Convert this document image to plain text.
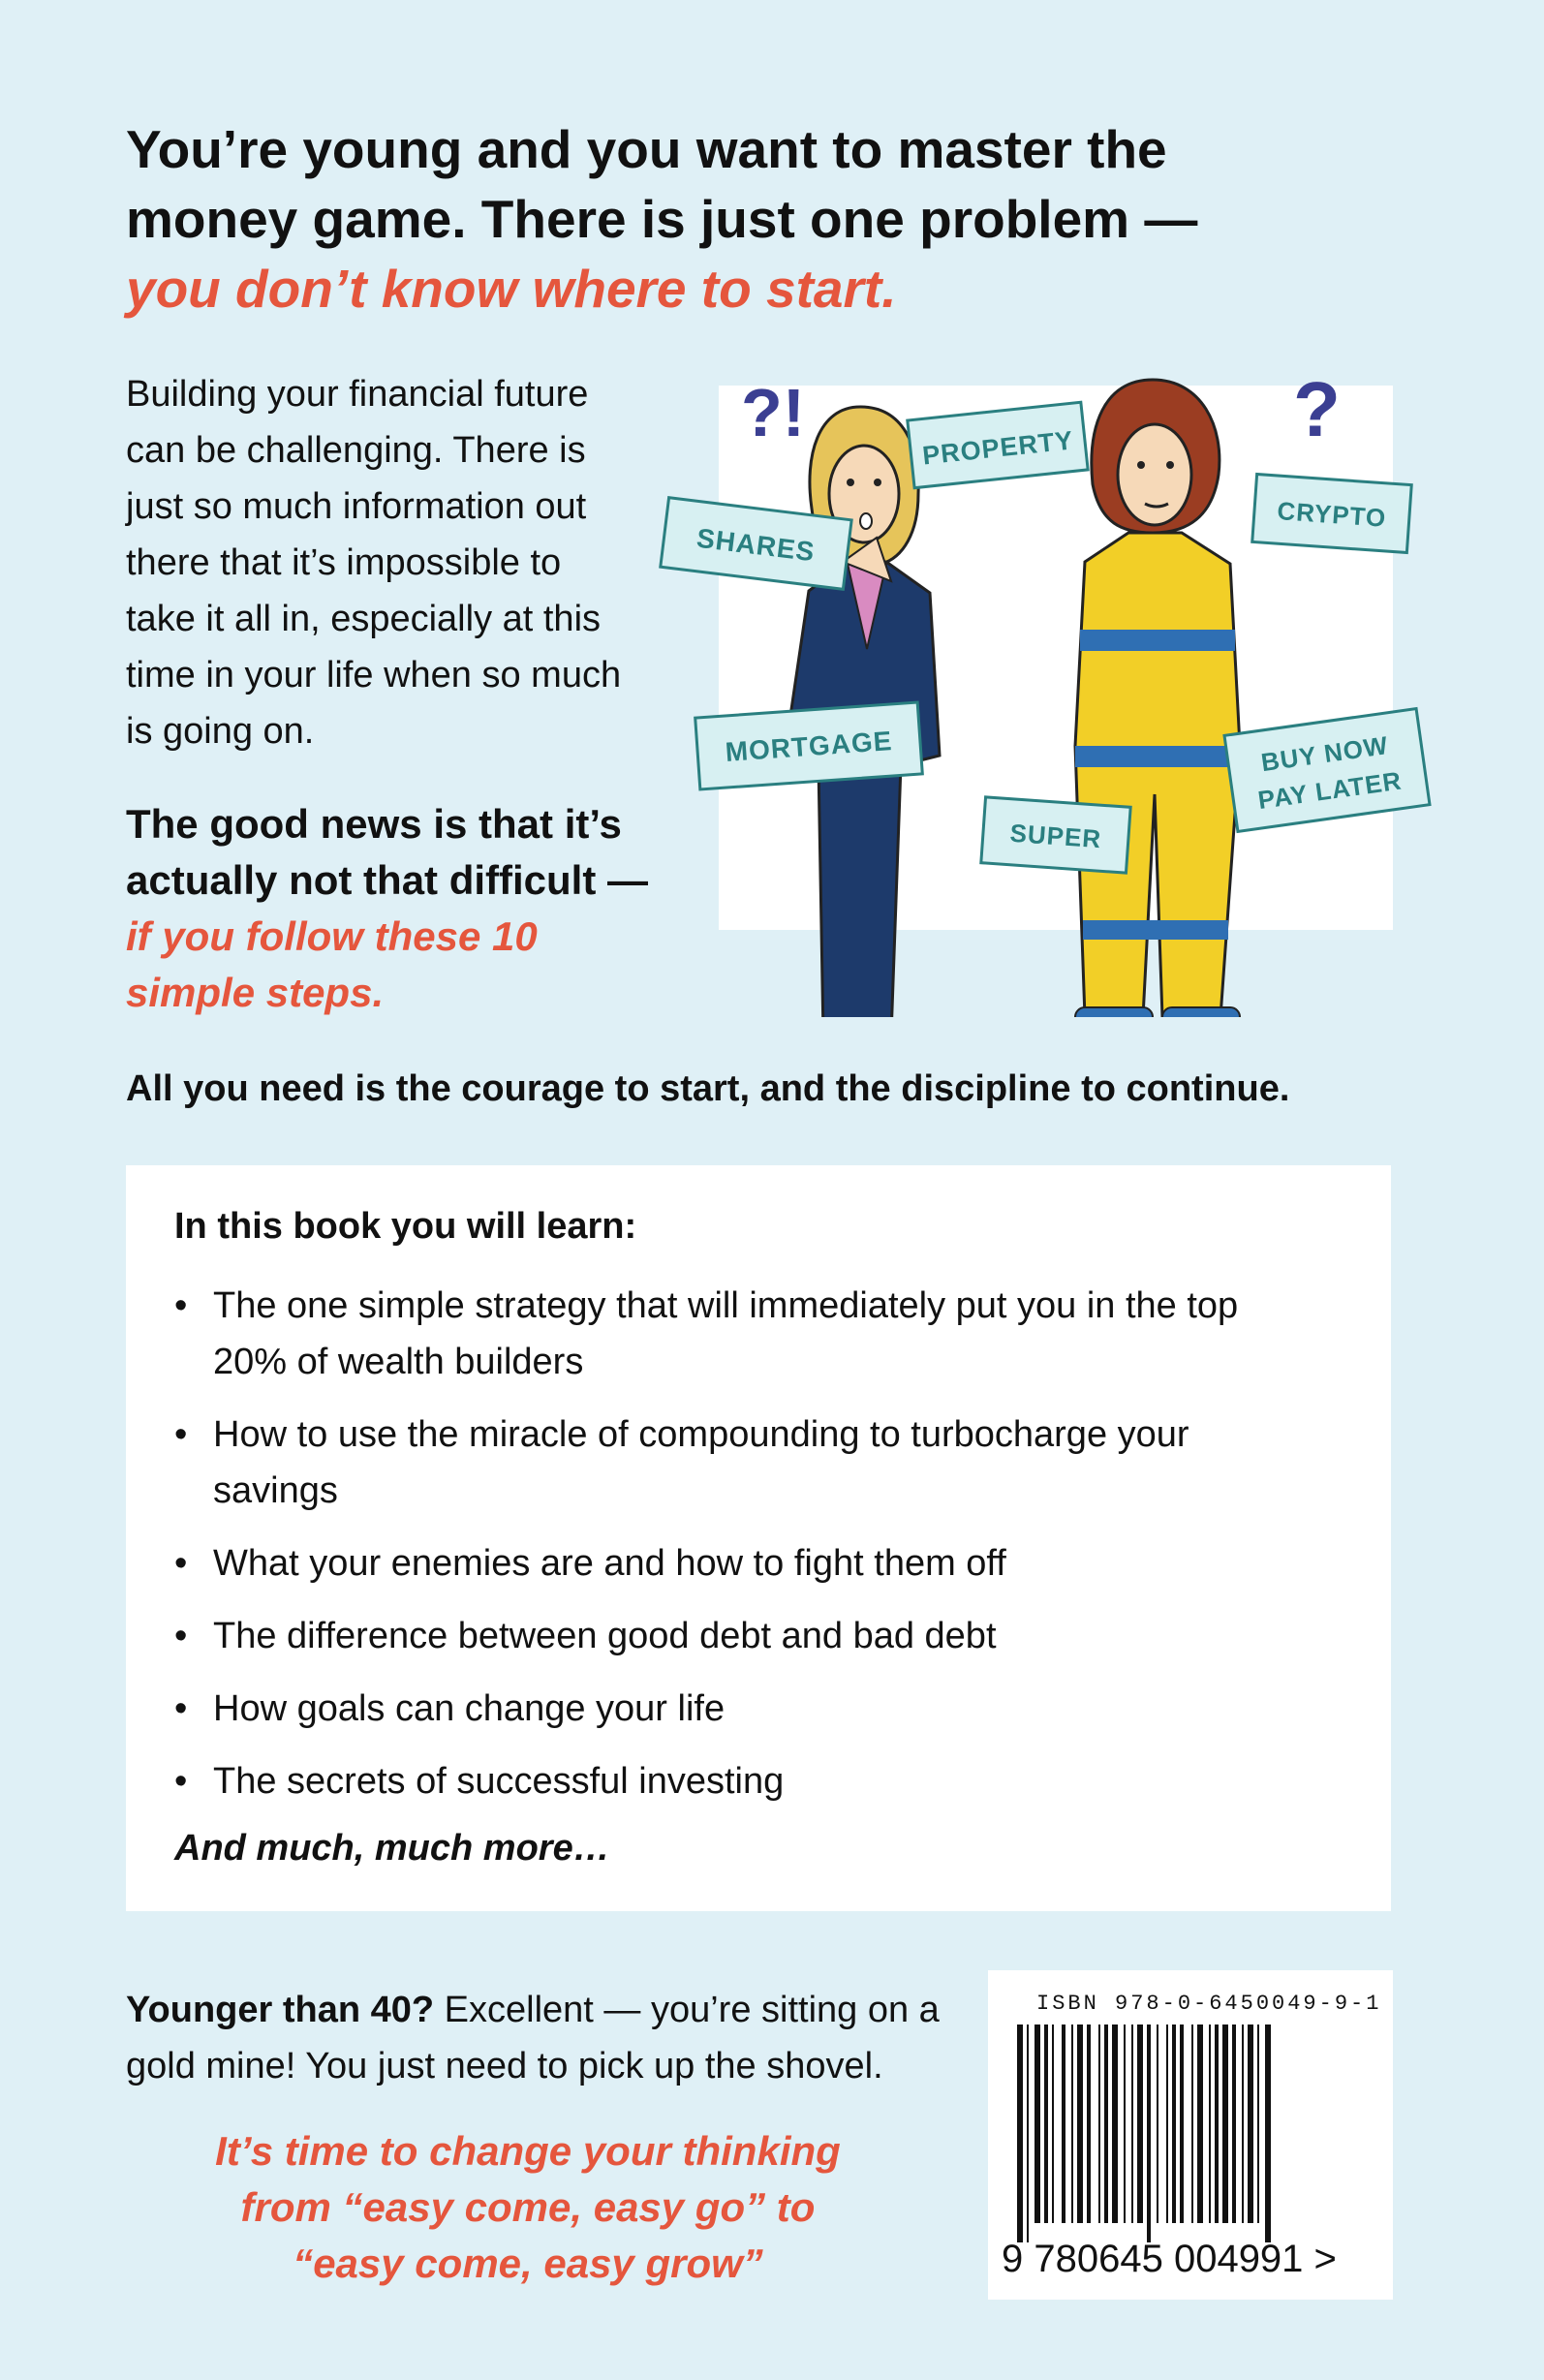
You’re young and you want to master the
money game. There is just one problem —
you don’t know where to start.

Building your financial future can be challenging. There is just so much information out there that it’s impossible to take it all in, especially at this time in your life when so much is going on.

The good news is that it’s actually not that difficult — if you follow these 10 simple steps.

?!	?
PROPERTY
SHARES
CRYPTO
MORTGAGE
SUPER
BUY NOW
PAY LATER

All you need is the courage to start, and the discipline to continue.

In this book you will learn:

• The one simple strategy that will immediately put you in the top 20% of wealth builders
• How to use the miracle of compounding to turbocharge your savings
• What your enemies are and how to fight them off
• The difference between good debt and bad debt
• How goals can change your life
• The secrets of successful investing

And much, much more…

Younger than 40? Excellent — you’re sitting on a gold mine! You just need to pick up the shovel.

It’s time to change your thinking
from “easy come, easy go” to
“easy come, easy grow”

ISBN 978-0-6450049-9-1

9 780645 004991 >
